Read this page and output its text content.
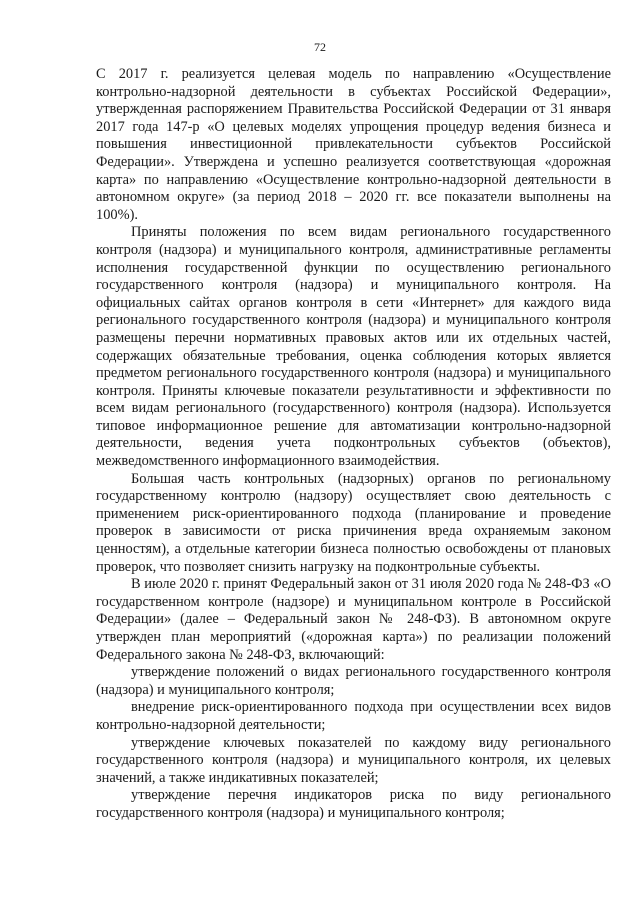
72

С 2017 г. реализуется целевая модель по направлению «Осуществление контрольно-надзорной деятельности в субъектах Российской Федерации», утвержденная распоряжением Правительства Российской Федерации от 31 января 2017 года 147-р «О целевых моделях упрощения процедур ведения бизнеса и повышения инвестиционной привлекательности субъектов Российской Федерации». Утверждена и успешно реализуется соответствующая «дорожная карта» по направлению «Осуществление контрольно-надзорной деятельности в автономном округе» (за период 2018 – 2020 гг. все показатели выполнены на 100%).

Приняты положения по всем видам регионального государственного контроля (надзора) и муниципального контроля, административные регламенты исполнения государственной функции по осуществлению регионального государственного контроля (надзора) и муниципального контроля. На официальных сайтах органов контроля в сети «Интернет» для каждого вида регионального государственного контроля (надзора) и муниципального контроля размещены перечни нормативных правовых актов или их отдельных частей, содержащих обязательные требования, оценка соблюдения которых является предметом регионального государственного контроля (надзора) и муниципального контроля. Приняты ключевые показатели результативности и эффективности по всем видам регионального (государственного) контроля (надзора). Используется типовое информационное решение для автоматизации контрольно-надзорной деятельности, ведения учета подконтрольных субъектов (объектов), межведомственного информационного взаимодействия.

Большая часть контрольных (надзорных) органов по региональному государственному контролю (надзору) осуществляет свою деятельность с применением риск-ориентированного подхода (планирование и проведение проверок в зависимости от риска причинения вреда охраняемым законом ценностям), а отдельные категории бизнеса полностью освобождены от плановых проверок, что позволяет снизить нагрузку на подконтрольные субъекты.

В июле 2020 г. принят Федеральный закон от 31 июля 2020 года № 248-ФЗ «О государственном контроле (надзоре) и муниципальном контроле в Российской Федерации» (далее – Федеральный закон № 248-ФЗ). В автономном округе утвержден план мероприятий («дорожная карта») по реализации положений Федерального закона № 248-ФЗ, включающий:

утверждение положений о видах регионального государственного контроля (надзора) и муниципального контроля;

внедрение риск-ориентированного подхода при осуществлении всех видов контрольно-надзорной деятельности;

утверждение ключевых показателей по каждому виду регионального государственного контроля (надзора) и муниципального контроля, их целевых значений, а также индикативных показателей;

утверждение перечня индикаторов риска по виду регионального государственного контроля (надзора) и муниципального контроля;
